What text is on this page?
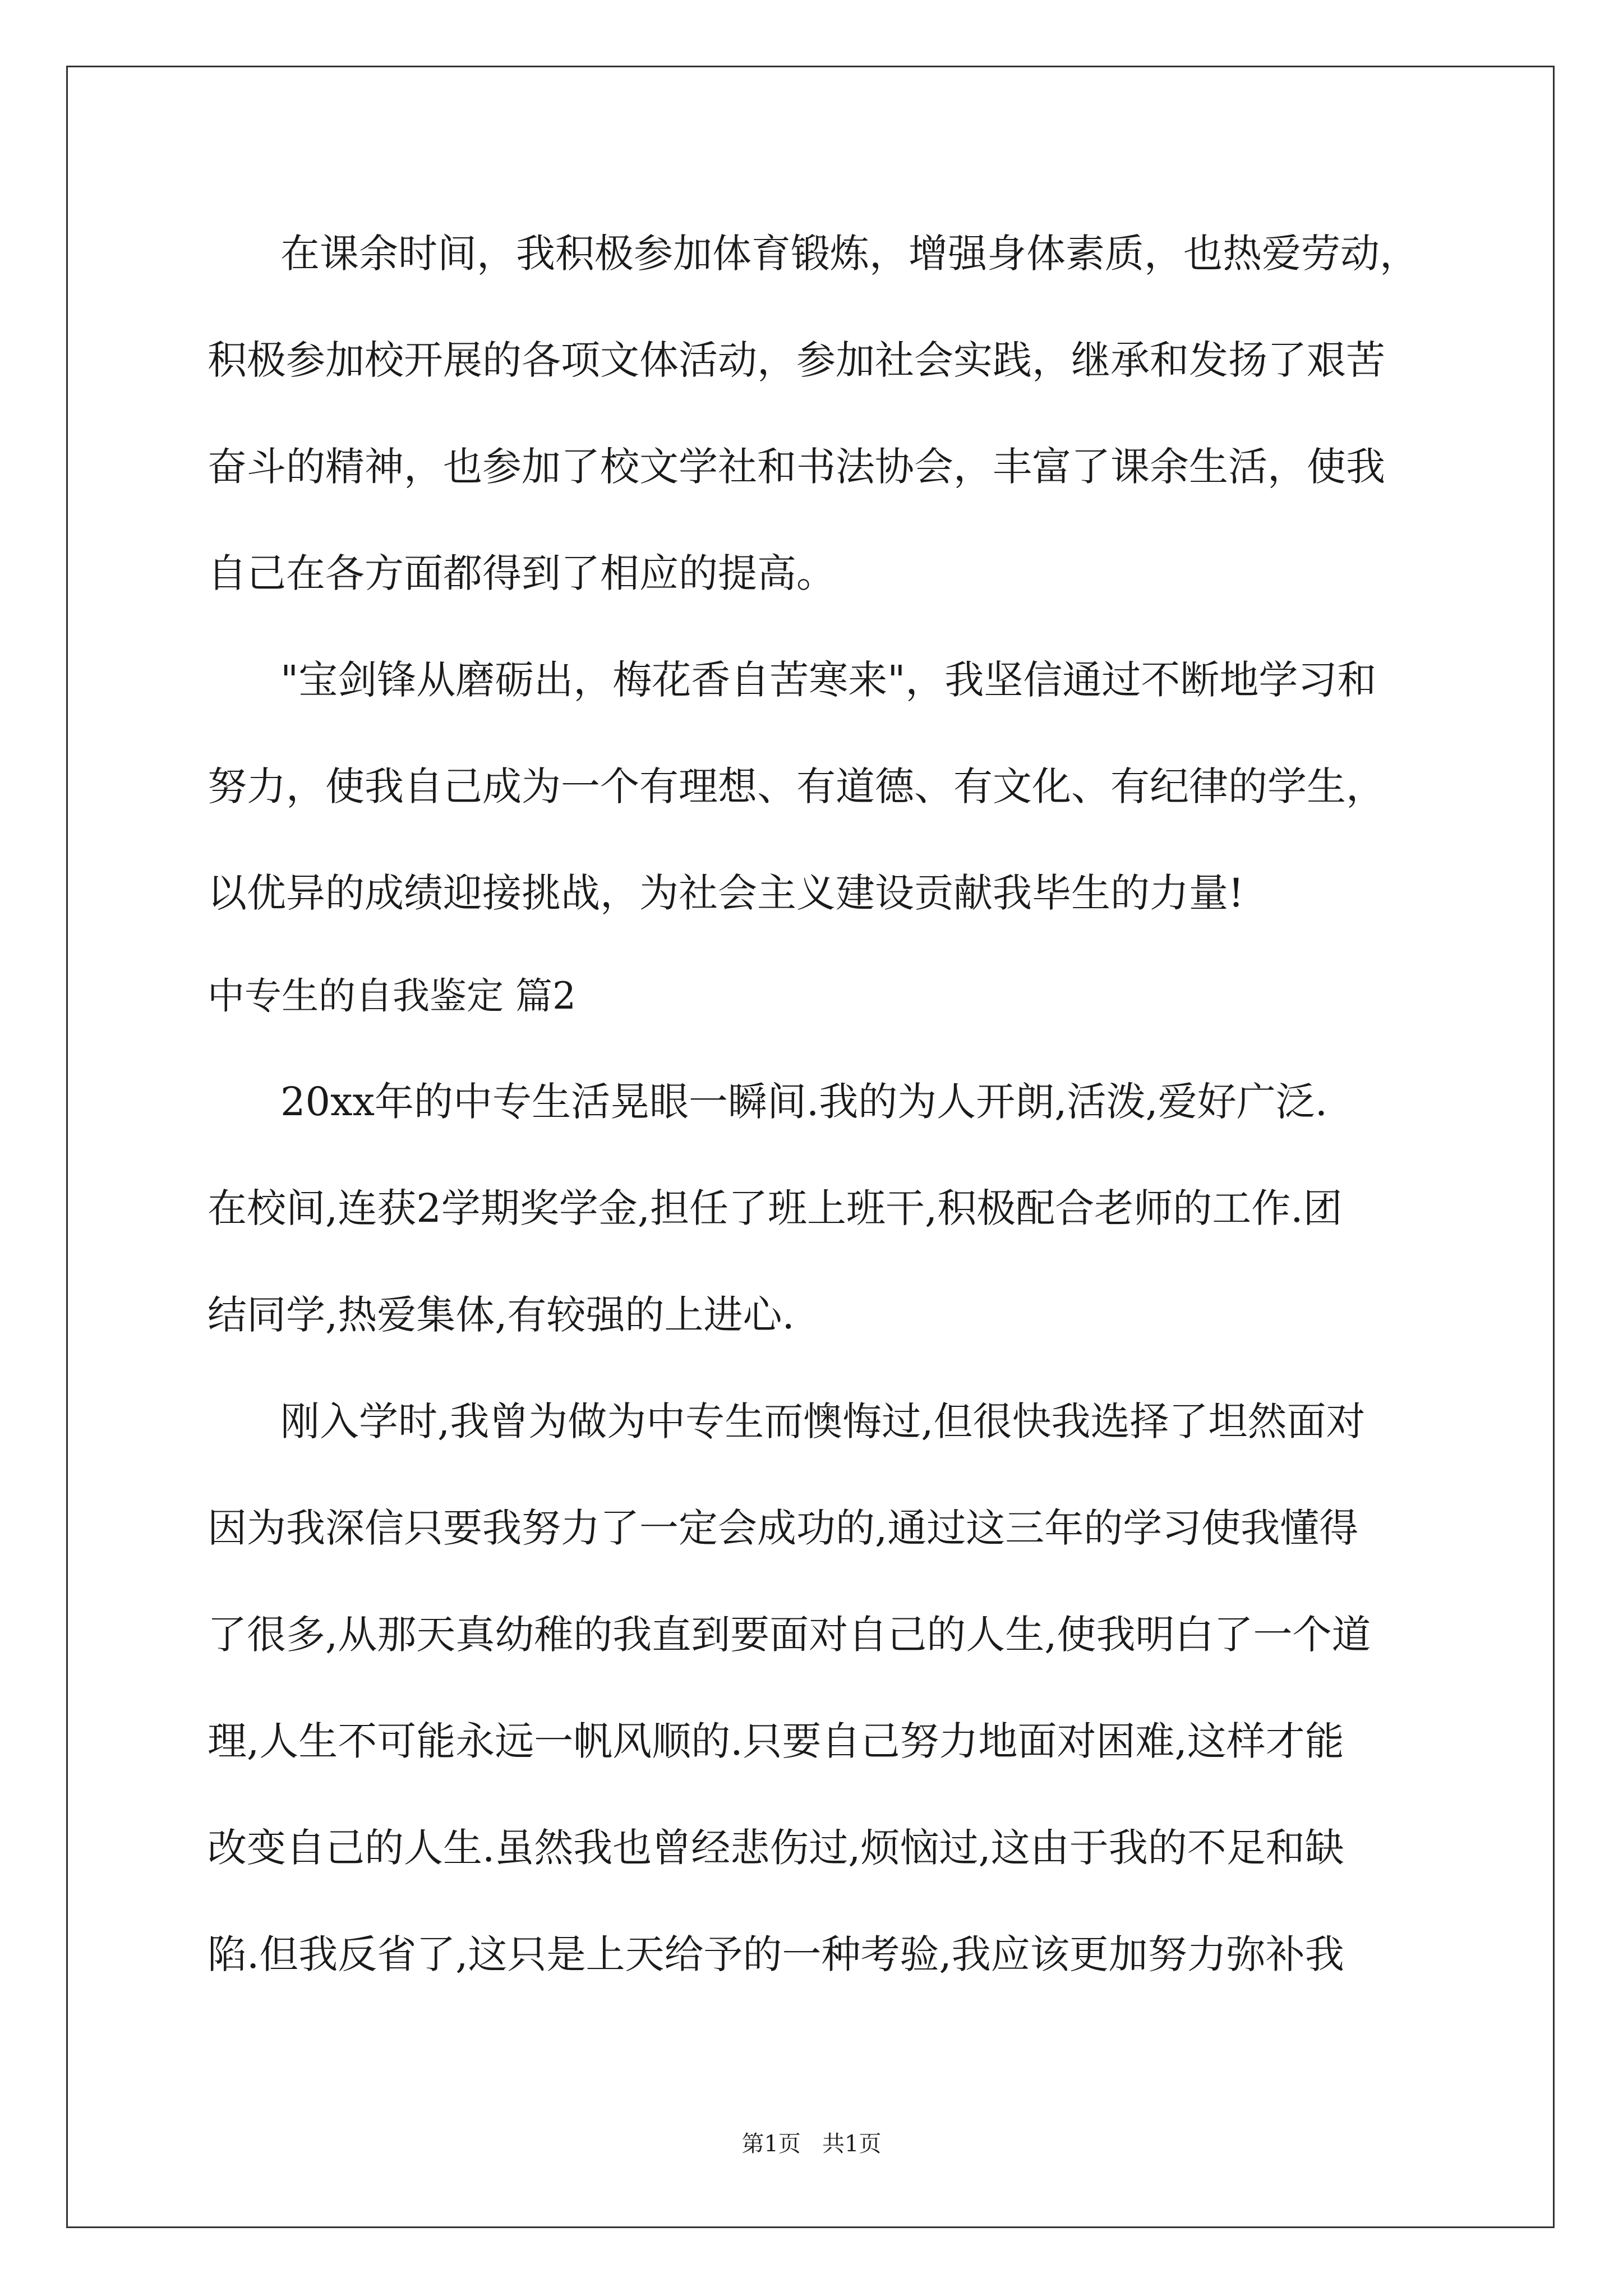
在课余时间，我积极参加体育锻炼，增强身体素质，也热爱劳动，

积极参加校开展的各项文体活动，参加社会实践，继承和发扬了艰苦

奋斗的精神，也参加了校文学社和书法协会，丰富了课余生活，使我

自己在各方面都得到了相应的提高。

"宝剑锋从磨砺出，梅花香自苦寒来"，我坚信通过不断地学习和

努力，使我自己成为一个有理想、有道德、有文化、有纪律的学生，

以优异的成绩迎接挑战，为社会主义建设贡献我毕生的力量!

中专生的自我鉴定 篇2

20xx年的中专生活晃眼一瞬间.我的为人开朗,活泼,爱好广泛.

在校间,连获2学期奖学金,担任了班上班干,积极配合老师的工作.团

结同学,热爱集体,有较强的上进心.

刚入学时,我曾为做为中专生而懊悔过,但很快我选择了坦然面对

因为我深信只要我努力了一定会成功的,通过这三年的学习使我懂得

了很多,从那天真幼稚的我直到要面对自己的人生,使我明白了一个道

理,人生不可能永远一帆风顺的.只要自己努力地面对困难,这样才能

改变自己的人生.虽然我也曾经悲伤过,烦恼过,这由于我的不足和缺

陷.但我反省了,这只是上天给予的一种考验,我应该更加努力弥补我

第1页   共1页
